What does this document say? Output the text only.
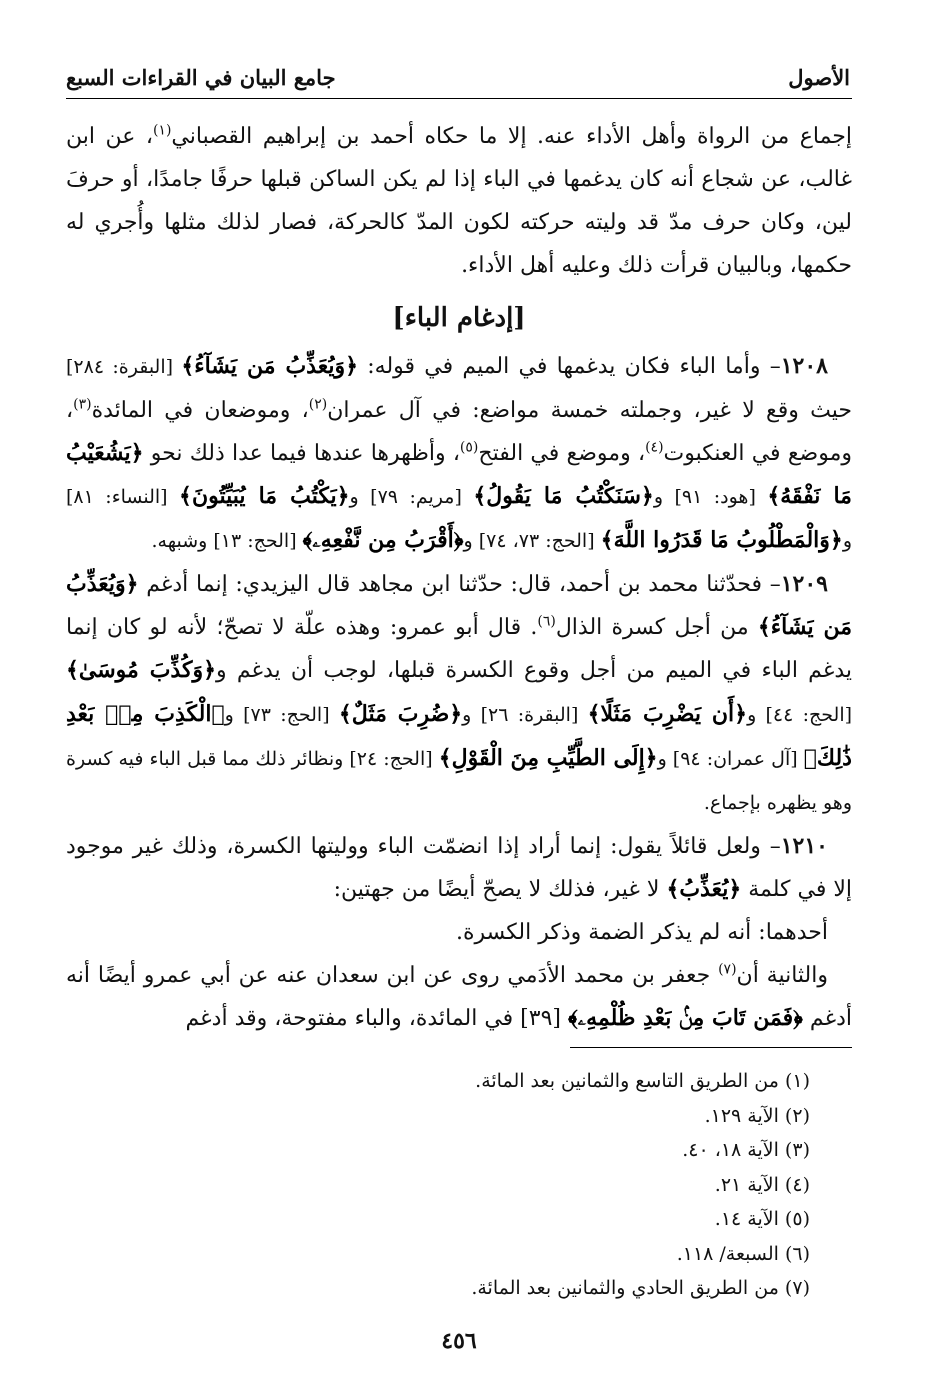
الأصول
جامع البيان في القراءات السبع

إجماع من الرواة وأهل الأداء عنه. إلا ما حكاه أحمد بن إبراهيم القصباني$^{(١)}$، عن ابن غالب، عن شجاع أنه كان يدغمها في الباء إذا لم يكن الساكن قبلها حرفًا جامدًا، أو حرفَ لين، وكان حرف مدّ قد وليته حركته لكون المدّ كالحركة، فصار لذلك مثلها وأُجري له حكمها، وبالبيان قرأت ذلك وعليه أهل الأداء.

[إدغام الباء]

١٢٠٨– وأما الباء فكان يدغمها في الميم في قوله: ﴿وَيُعَذِّبُ مَن يَشَآءُ﴾ [البقرة: ٢٨٤] حيث وقع لا غير، وجملته خمسة مواضع: في آل عمران$^{(٢)}$، وموضعان في المائدة$^{(٣)}$، وموضع في العنكبوت$^{(٤)}$، وموضع في الفتح$^{(٥)}$، وأظهرها عندها فيما عدا ذلك نحو ﴿يَشُعَيْبُ مَا نَفْقَهُ﴾ [هود: ٩١] و﴿سَنَكْتُبُ مَا يَقُولُ﴾ [مريم: ٧٩] و﴿يَكْتُبُ مَا يُبَيِّتُونَ﴾ [النساء: ٨١] و﴿وَالْمَطْلُوبُ مَا قَدَرُوا اللَّهَ﴾ [الحج: ٧٣، ٧٤] و﴿أَقْرَبُ مِن نَّفْعِهِۦ﴾ [الحج: ١٣] وشبهه.

١٢٠٩– فحدّثنا محمد بن أحمد، قال: حدّثنا ابن مجاهد قال اليزيدي: إنما أدغم ﴿وَيُعَذِّبُ مَن يَشَآءُ﴾ من أجل كسرة الذال$^{(٦)}$. قال أبو عمرو: وهذه علّة لا تصحّ؛ لأنه لو كان إنما يدغم الباء في الميم من أجل وقوع الكسرة قبلها، لوجب أن يدغم و﴿وَكُذِّبَ مُوسَىٰ﴾ [الحج: ٤٤] و﴿أَن يَضْرِبَ مَثَلًا﴾ [البقرة: ٢٦] و﴿ضُرِبَ مَثَلٌ﴾ [الحج: ٧٣] و﴿الْكَذِبَ مِنۢ بَعْدِ ذَٰلِكَ﴾ [آل عمران: ٩٤] و﴿إِلَى الطَّيِّبِ مِنَ الْقَوْلِ﴾ [الحج: ٢٤] ونظائر ذلك مما قبل الباء فيه كسرة وهو يظهره بإجماع.

١٢١٠– ولعل قائلاً يقول: إنما أراد إذا انضمّت الباء ووليتها الكسرة، وذلك غير موجود إلا في كلمة ﴿يُعَذِّبُ﴾ لا غير، فذلك لا يصحّ أيضًا من جهتين:

أحدهما: أنه لم يذكر الضمة وذكر الكسرة.

والثانية أن$^{(٧)}$ جعفر بن محمد الأدَمي روى عن ابن سعدان عنه عن أبي عمرو أيضًا أنه أدغم ﴿فَمَن تَابَ مِنۢ بَعْدِ ظُلْمِهِۦ﴾ [٣٩] في المائدة، والباء مفتوحة، وقد أدغم

(١) من الطريق التاسع والثمانين بعد المائة.

(٢) الآية ١٢٩.

(٣) الآية ١٨، ٤٠.

(٤) الآية ٢١.

(٥) الآية ١٤.

(٦) السبعة/ ١١٨.

(٧) من الطريق الحادي والثمانين بعد المائة.

٤٥٦
